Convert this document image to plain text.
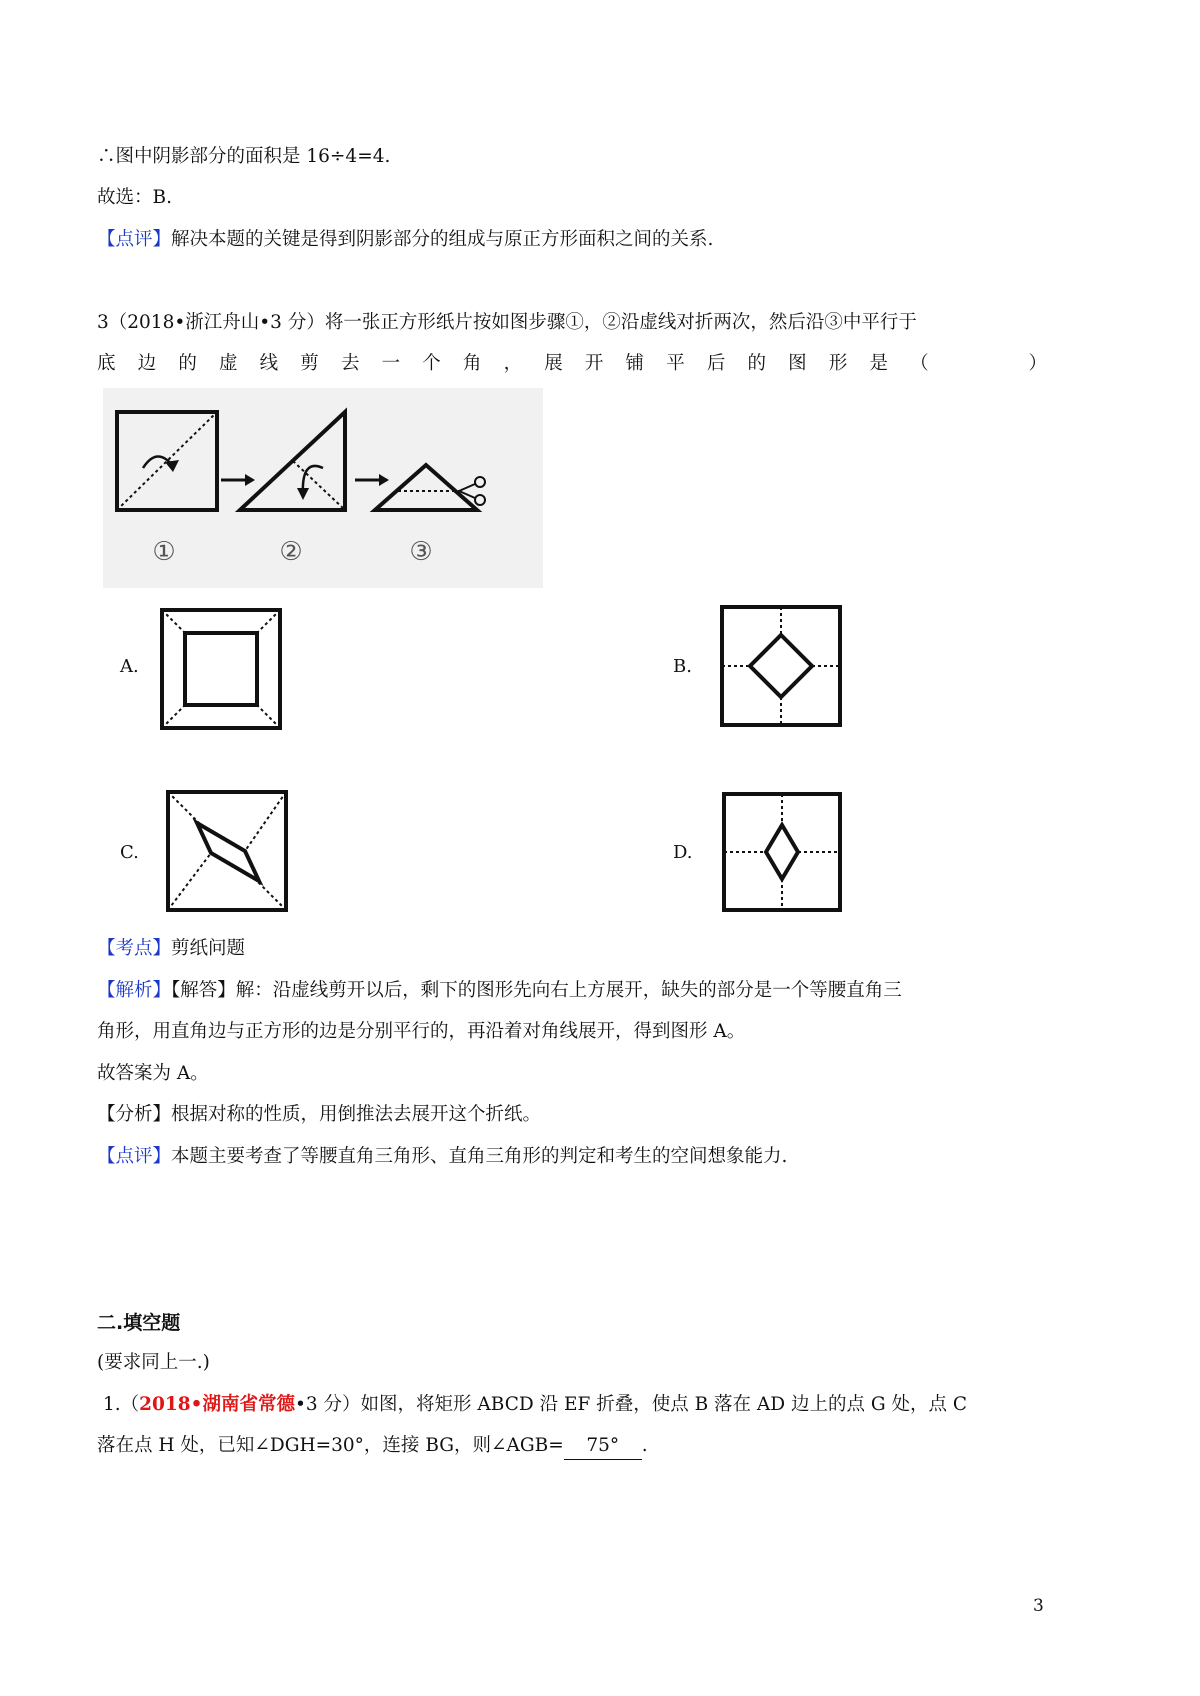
∴图中阴影部分的面积是 16÷4=4.
故选：B.
【点评】解决本题的关键是得到阴影部分的组成与原正方形面积之间的关系.
3（2018•浙江舟山•3 分）将一张正方形纸片按如图步骤①，②沿虚线对折两次，然后沿③中平行于
底 边 的 虚 线 剪 去 一 个 角 ， 展 开 铺 平 后 的 图 形 是 （
　　　	）
①	②	③
A.	B.
C.	D.
【考点】剪纸问题
【解析】【解答】解：沿虚线剪开以后，剩下的图形先向右上方展开，缺失的部分是一个等腰直角三
角形，用直角边与正方形的边是分别平行的，再沿着对角线展开，得到图形 A。
故答案为 A。
【分析】根据对称的性质，用倒推法去展开这个折纸。
【点评】本题主要考查了等腰直角三角形、直角三角形的判定和考生的空间想象能力.
二.填空题
(要求同上一.)
1.（2018•湖南省常德•3 分）如图，将矩形 ABCD 沿 EF 折叠，使点 B 落在 AD 边上的点 G 处，点 C
落在点 H 处，已知∠DGH=30°，连接 BG，则∠AGB= 75° .
3
